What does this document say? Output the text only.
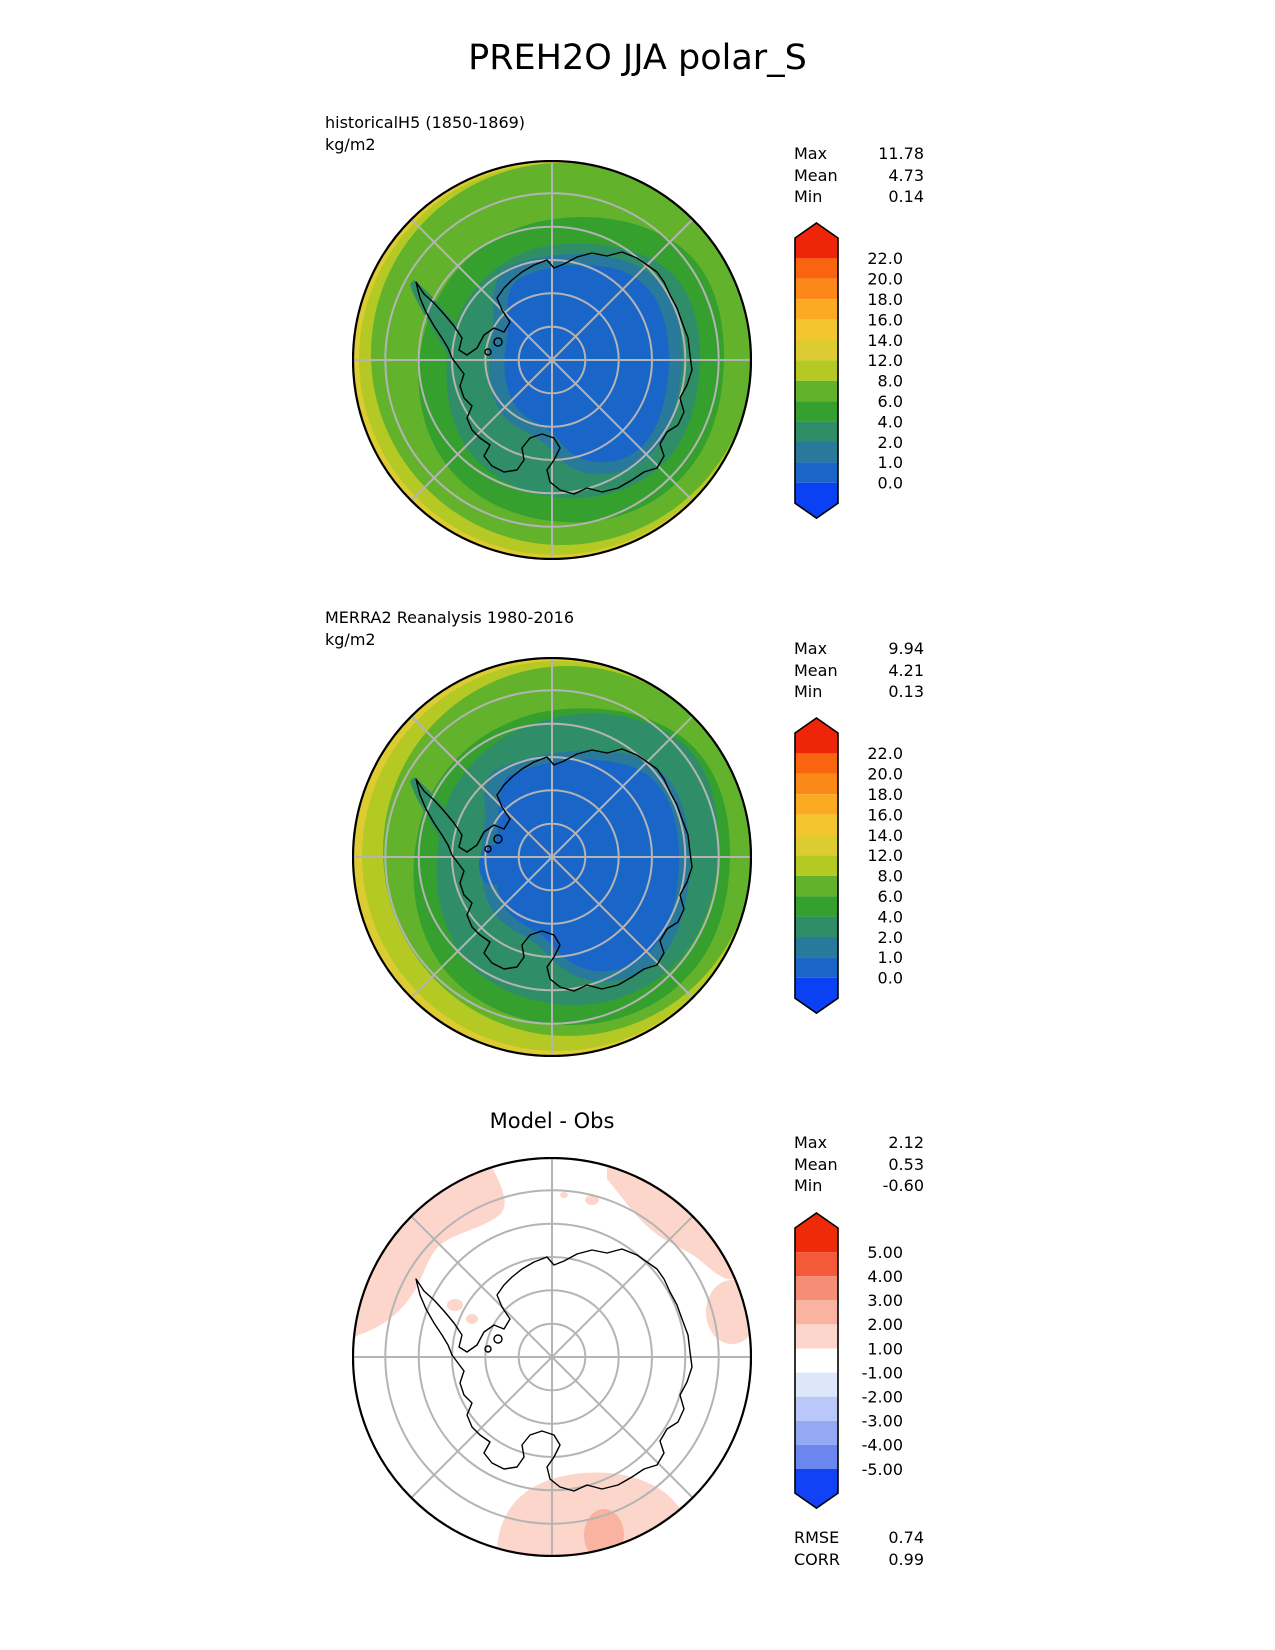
PREH2O JJA polar_S
historicalH5 (1850-1869)
kg/m2	Max	11.78
Mean	4.73
Min	0.14
22.0
20.0
18.0
16.0
14.0
12.0
8.0
6.0
4.0
2.0
1.0
0.0
MERRA2 Reanalysis 1980-2016
kg/m2	Max	9.94
Mean	4.21
Min	0.13
22.0
20.0
18.0
16.0
14.0
12.0
8.0
6.0
4.0
2.0
1.0
0.0
Model - Obs
Max	2.12
Mean	0.53
Min	-0.60
5.00
4.00
3.00
2.00
1.00
-1.00
-2.00
-3.00
-4.00
-5.00
RMSE	0.74
CORR	0.99
